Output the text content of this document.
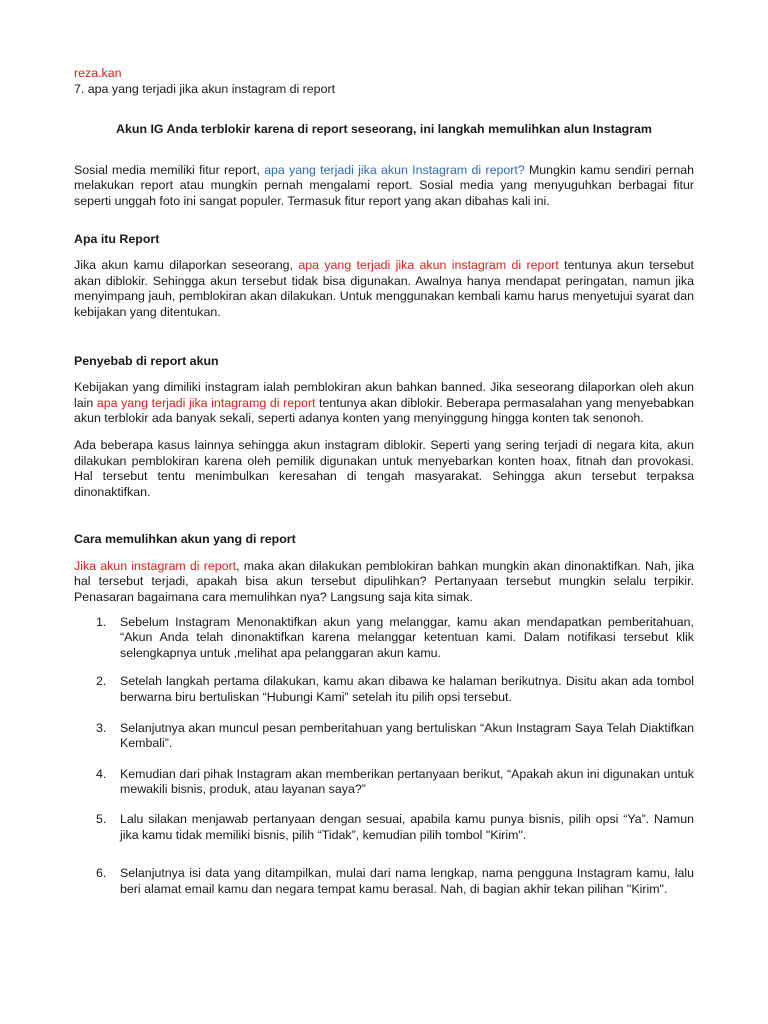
reza.kan

7. apa yang terjadi jika akun instagram di report

Akun IG Anda terblokir karena di report seseorang, ini langkah memulihkan alun Instagram

Sosial media memiliki fitur report, apa yang terjadi jika akun Instagram di report? Mungkin kamu sendiri pernah melakukan report atau mungkin pernah mengalami report. Sosial media yang menyuguhkan berbagai fitur seperti unggah foto ini sangat populer. Termasuk fitur report yang akan dibahas kali ini.

Apa itu Report

Jika akun kamu dilaporkan seseorang, apa yang terjadi jika akun instagram di report tentunya akun tersebut akan diblokir. Sehingga akun tersebut tidak bisa digunakan. Awalnya hanya mendapat peringatan, namun jika menyimpang jauh, pemblokiran akan dilakukan. Untuk menggunakan kembali kamu harus menyetujui syarat dan kebijakan yang ditentukan.

Penyebab di report akun

Kebijakan yang dimiliki instagram ialah pemblokiran akun bahkan banned. Jika seseorang dilaporkan oleh akun lain apa yang terjadi jika intagramg di report tentunya akan diblokir. Beberapa permasalahan yang menyebabkan akun terblokir ada banyak sekali, seperti adanya konten yang menyinggung hingga konten tak senonoh.

Ada beberapa kasus lainnya sehingga akun instagram diblokir. Seperti yang sering terjadi di negara kita, akun dilakukan pemblokiran karena oleh pemilik digunakan untuk menyebarkan konten hoax, fitnah dan provokasi. Hal tersebut tentu menimbulkan keresahan di tengah masyarakat. Sehingga akun tersebut terpaksa dinonaktifkan.

Cara memulihkan akun yang di report

Jika akun instagram di report, maka akan dilakukan pemblokiran bahkan mungkin akan dinonaktifkan. Nah, jika hal tersebut terjadi, apakah bisa akun tersebut dipulihkan? Pertanyaan tersebut mungkin selalu terpikir. Penasaran bagaimana cara memulihkan nya? Langsung saja kita simak.

1. Sebelum Instagram Menonaktifkan akun yang melanggar, kamu akan mendapatkan pemberitahuan, “Akun Anda telah dinonaktifkan karena melanggar ketentuan kami. Dalam notifikasi tersebut klik selengkapnya untuk ,melihat apa pelanggaran akun kamu.
2. Setelah langkah pertama dilakukan, kamu akan dibawa ke halaman berikutnya. Disitu akan ada tombol berwarna biru bertuliskan “Hubungi Kami” setelah itu pilih opsi tersebut.
3. Selanjutnya akan muncul pesan pemberitahuan yang bertuliskan “Akun Instagram Saya Telah Diaktifkan Kembali”.
4. Kemudian dari pihak Instagram akan memberikan pertanyaan berikut, “Apakah akun ini digunakan untuk mewakili bisnis, produk, atau layanan saya?”
5. Lalu silakan menjawab pertanyaan dengan sesuai, apabila kamu punya bisnis, pilih opsi “Ya”. Namun jika kamu tidak memiliki bisnis, pilih “Tidak”, kemudian pilih tombol "Kirim".
6. Selanjutnya isi data yang ditampilkan, mulai dari nama lengkap, nama pengguna Instagram kamu, lalu beri alamat email kamu dan negara tempat kamu berasal. Nah, di bagian akhir tekan pilihan "Kirim".
